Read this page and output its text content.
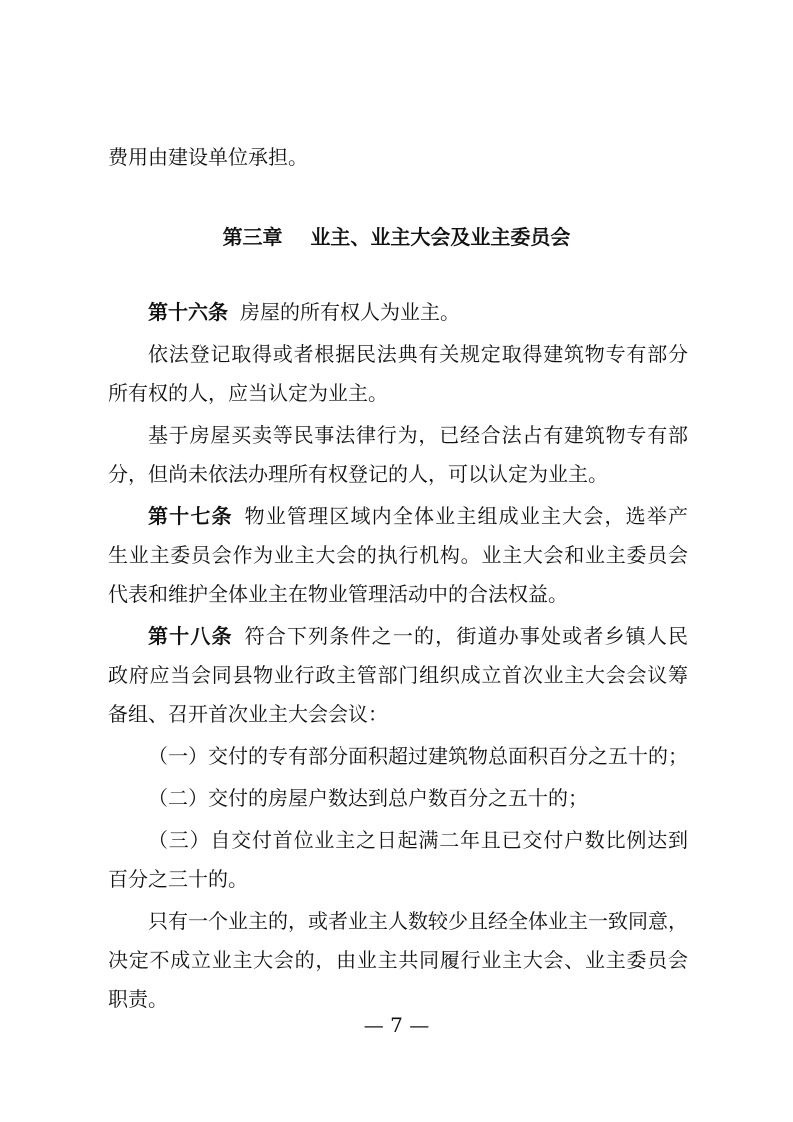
费用由建设单位承担。
第三章    业主、业主大会及业主委员会
第十六条 房屋的所有权人为业主。
依法登记取得或者根据民法典有关规定取得建筑物专有部分
所有权的人，应当认定为业主。
基于房屋买卖等民事法律行为，已经合法占有建筑物专有部
分，但尚未依法办理所有权登记的人，可以认定为业主。
第十七条 物业管理区域内全体业主组成业主大会，选举产
生业主委员会作为业主大会的执行机构。业主大会和业主委员会
代表和维护全体业主在物业管理活动中的合法权益。
第十八条 符合下列条件之一的，街道办事处或者乡镇人民
政府应当会同县物业行政主管部门组织成立首次业主大会会议筹
备组、召开首次业主大会会议：
（一）交付的专有部分面积超过建筑物总面积百分之五十的；
（二）交付的房屋户数达到总户数百分之五十的；
（三）自交付首位业主之日起满二年且已交付户数比例达到
百分之三十的。
只有一个业主的，或者业主人数较少且经全体业主一致同意，
决定不成立业主大会的，由业主共同履行业主大会、业主委员会
职责。
— 7 —
